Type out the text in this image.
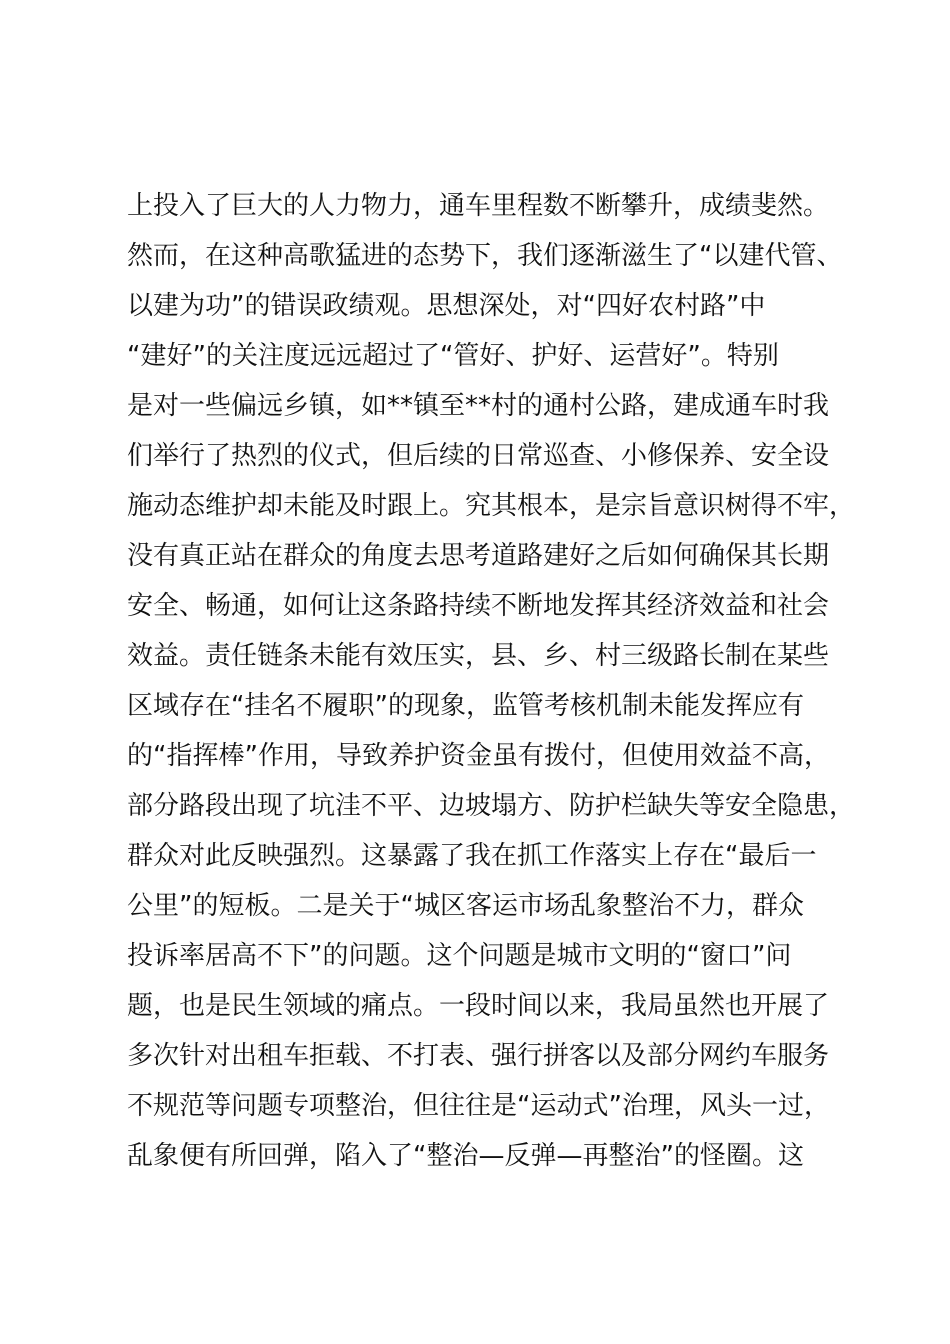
上投入了巨大的人力物力，通车里程数不断攀升，成绩斐然。
然而，在这种高歌猛进的态势下，我们逐渐滋生了“以建代管、
以建为功”的错误政绩观。思想深处，对“四好农村路”中
“建好”的关注度远远超过了“管好、护好、运营好”。特别
是对一些偏远乡镇，如**镇至**村的通村公路，建成通车时我
们举行了热烈的仪式，但后续的日常巡查、小修保养、安全设
施动态维护却未能及时跟上。究其根本，是宗旨意识树得不牢，
没有真正站在群众的角度去思考道路建好之后如何确保其长期
安全、畅通，如何让这条路持续不断地发挥其经济效益和社会
效益。责任链条未能有效压实，县、乡、村三级路长制在某些
区域存在“挂名不履职”的现象，监管考核机制未能发挥应有
的“指挥棒”作用，导致养护资金虽有拨付，但使用效益不高，
部分路段出现了坑洼不平、边坡塌方、防护栏缺失等安全隐患，
群众对此反映强烈。这暴露了我在抓工作落实上存在“最后一
公里”的短板。二是关于“城区客运市场乱象整治不力，群众
投诉率居高不下”的问题。这个问题是城市文明的“窗口”问
题，也是民生领域的痛点。一段时间以来，我局虽然也开展了
多次针对出租车拒载、不打表、强行拼客以及部分网约车服务
不规范等问题专项整治，但往往是“运动式”治理，风头一过，
乱象便有所回弹，陷入了“整治—反弹—再整治”的怪圈。这
